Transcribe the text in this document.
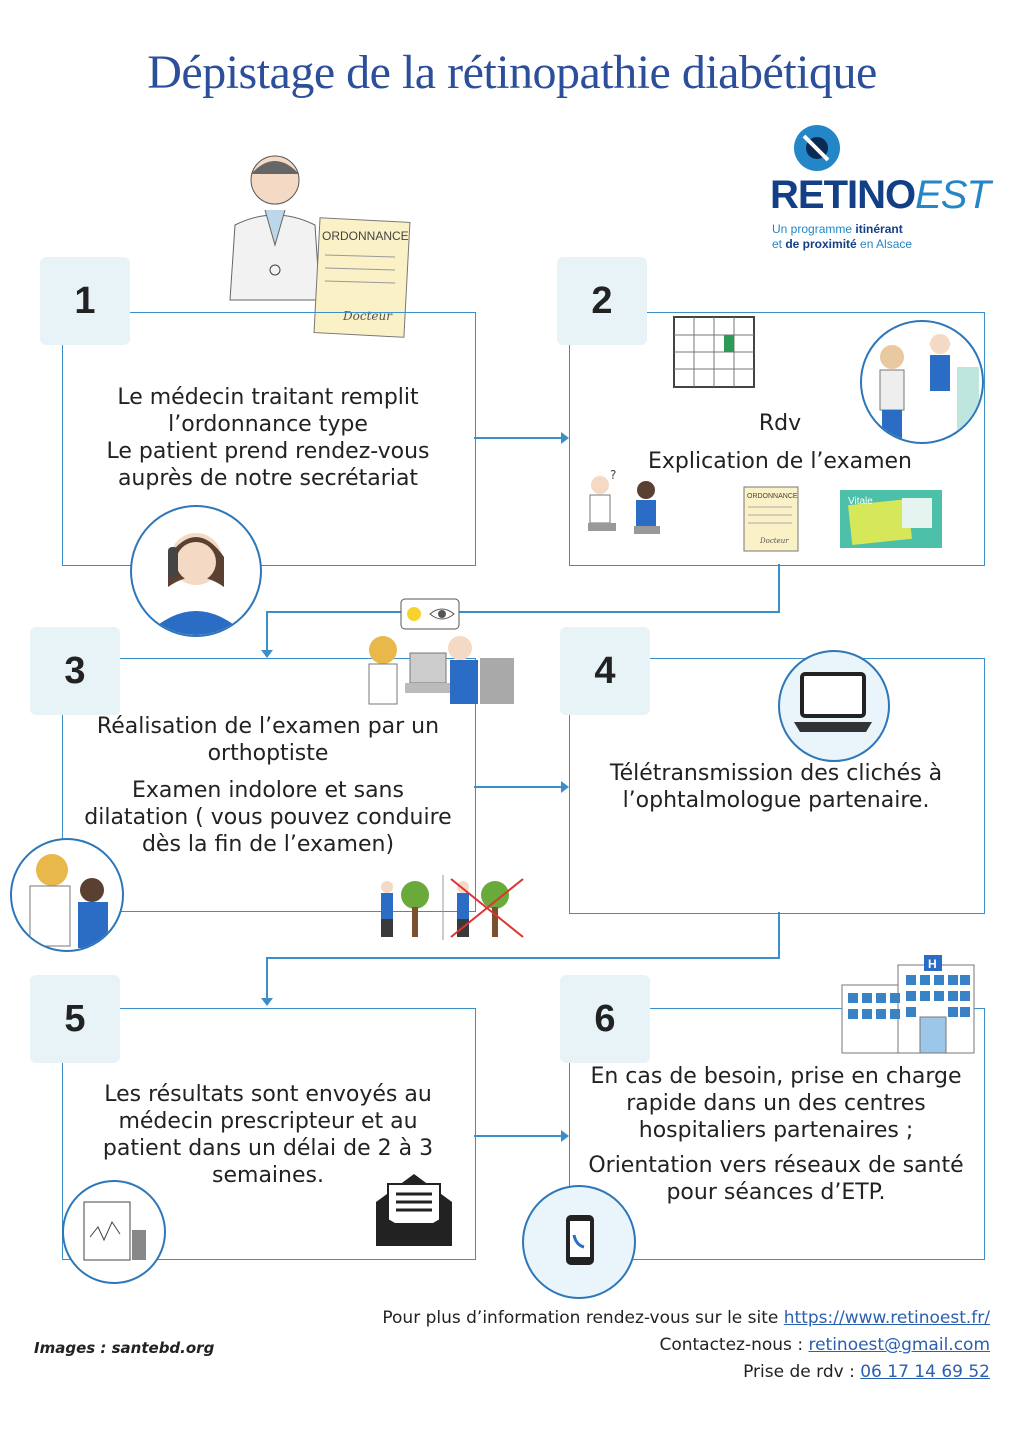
Dépistage de la rétinopathie diabétique
RETINOEST
Un programme itinérant
et de proximité en Alsace
ORDONNANCE
Docteur
1
Le médecin traitant remplit
l’ordonnance type
Le patient prend rendez-vous
auprès de notre secrétariat
2
Rdv
Explication de l’examen
?
ORDONNANCE
Docteur
Vitale
3
Réalisation de l’examen par un
orthoptiste
Examen indolore et sans
dilatation ( vous pouvez conduire
dès la fin de l’examen)
4
Télétransmission des clichés à
l’ophtalmologue partenaire.
5
Les résultats sont envoyés au
médecin prescripteur et au
patient dans un délai de 2 à 3
semaines.
6
H
En cas de besoin, prise en charge
rapide dans un des centres
hospitaliers partenaires ;
Orientation vers réseaux de santé
pour séances d’ETP.
Pour plus d’information rendez-vous sur le site https://www.retinoest.fr/
Contactez-nous : retinoest@gmail.com
Prise de rdv : 06 17 14 69 52
Images : santebd.org
